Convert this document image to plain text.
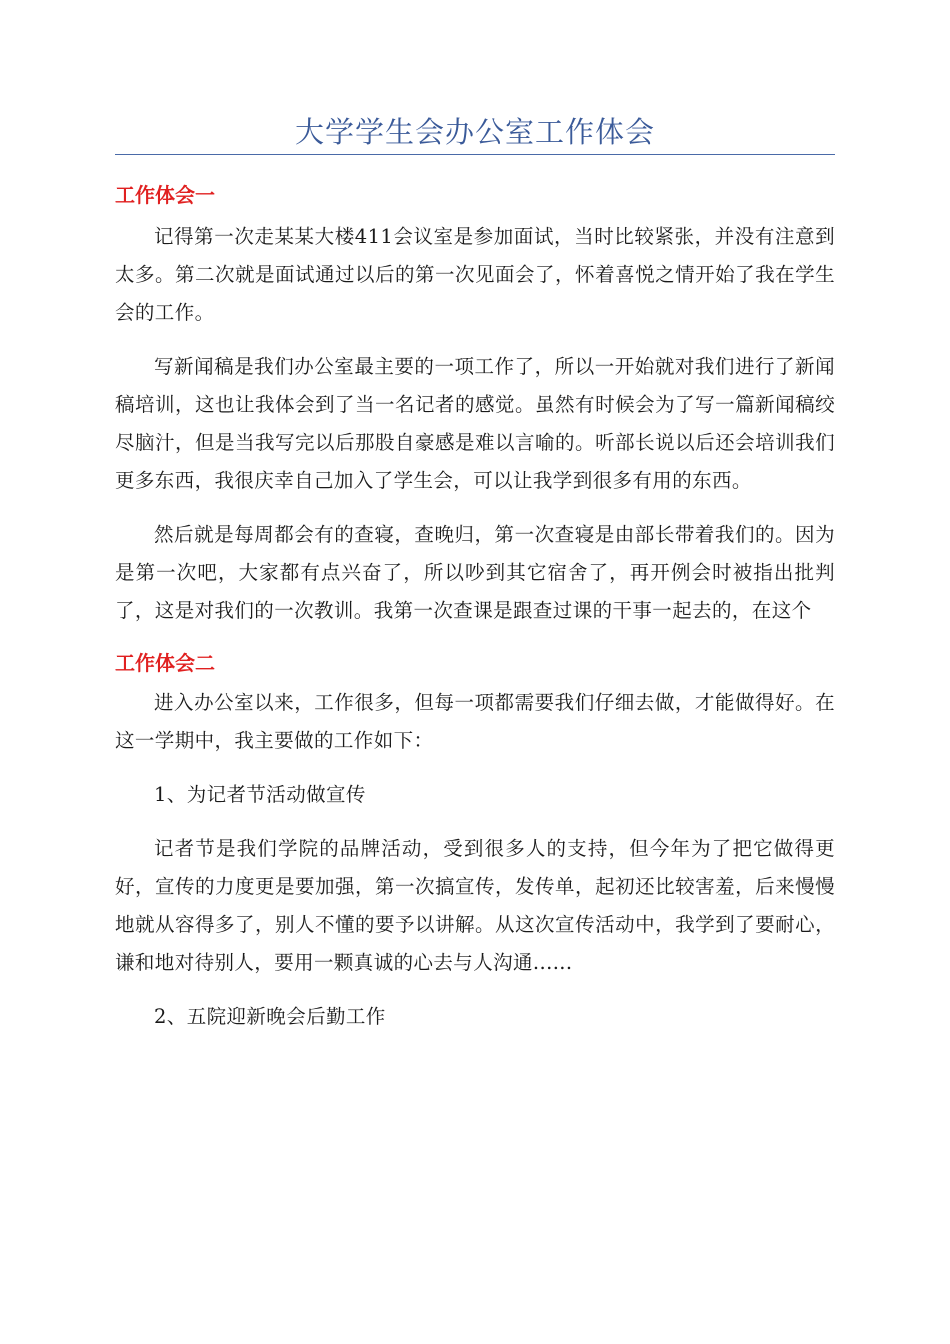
大学学生会办公室工作体会
工作体会一

记得第一次走某某大楼411会议室是参加面试，当时比较紧张，并没有注意到太多。第二次就是面试通过以后的第一次见面会了，怀着喜悦之情开始了我在学生会的工作。

写新闻稿是我们办公室最主要的一项工作了，所以一开始就对我们进行了新闻稿培训，这也让我体会到了当一名记者的感觉。虽然有时候会为了写一篇新闻稿绞尽脑汁，但是当我写完以后那股自豪感是难以言喻的。听部长说以后还会培训我们更多东西，我很庆幸自己加入了学生会，可以让我学到很多有用的东西。

然后就是每周都会有的查寝，查晚归，第一次查寝是由部长带着我们的。因为是第一次吧，大家都有点兴奋了，所以吵到其它宿舍了，再开例会时被指出批判了，这是对我们的一次教训。我第一次查课是跟查过课的干事一起去的，在这个

工作体会二

进入办公室以来，工作很多，但每一项都需要我们仔细去做，才能做得好。在这一学期中，我主要做的工作如下：

1、为记者节活动做宣传

记者节是我们学院的品牌活动，受到很多人的支持，但今年为了把它做得更好，宣传的力度更是要加强，第一次搞宣传，发传单，起初还比较害羞，后来慢慢地就从容得多了，别人不懂的要予以讲解。从这次宣传活动中，我学到了要耐心，谦和地对待别人，要用一颗真诚的心去与人沟通......

2、五院迎新晚会后勤工作
